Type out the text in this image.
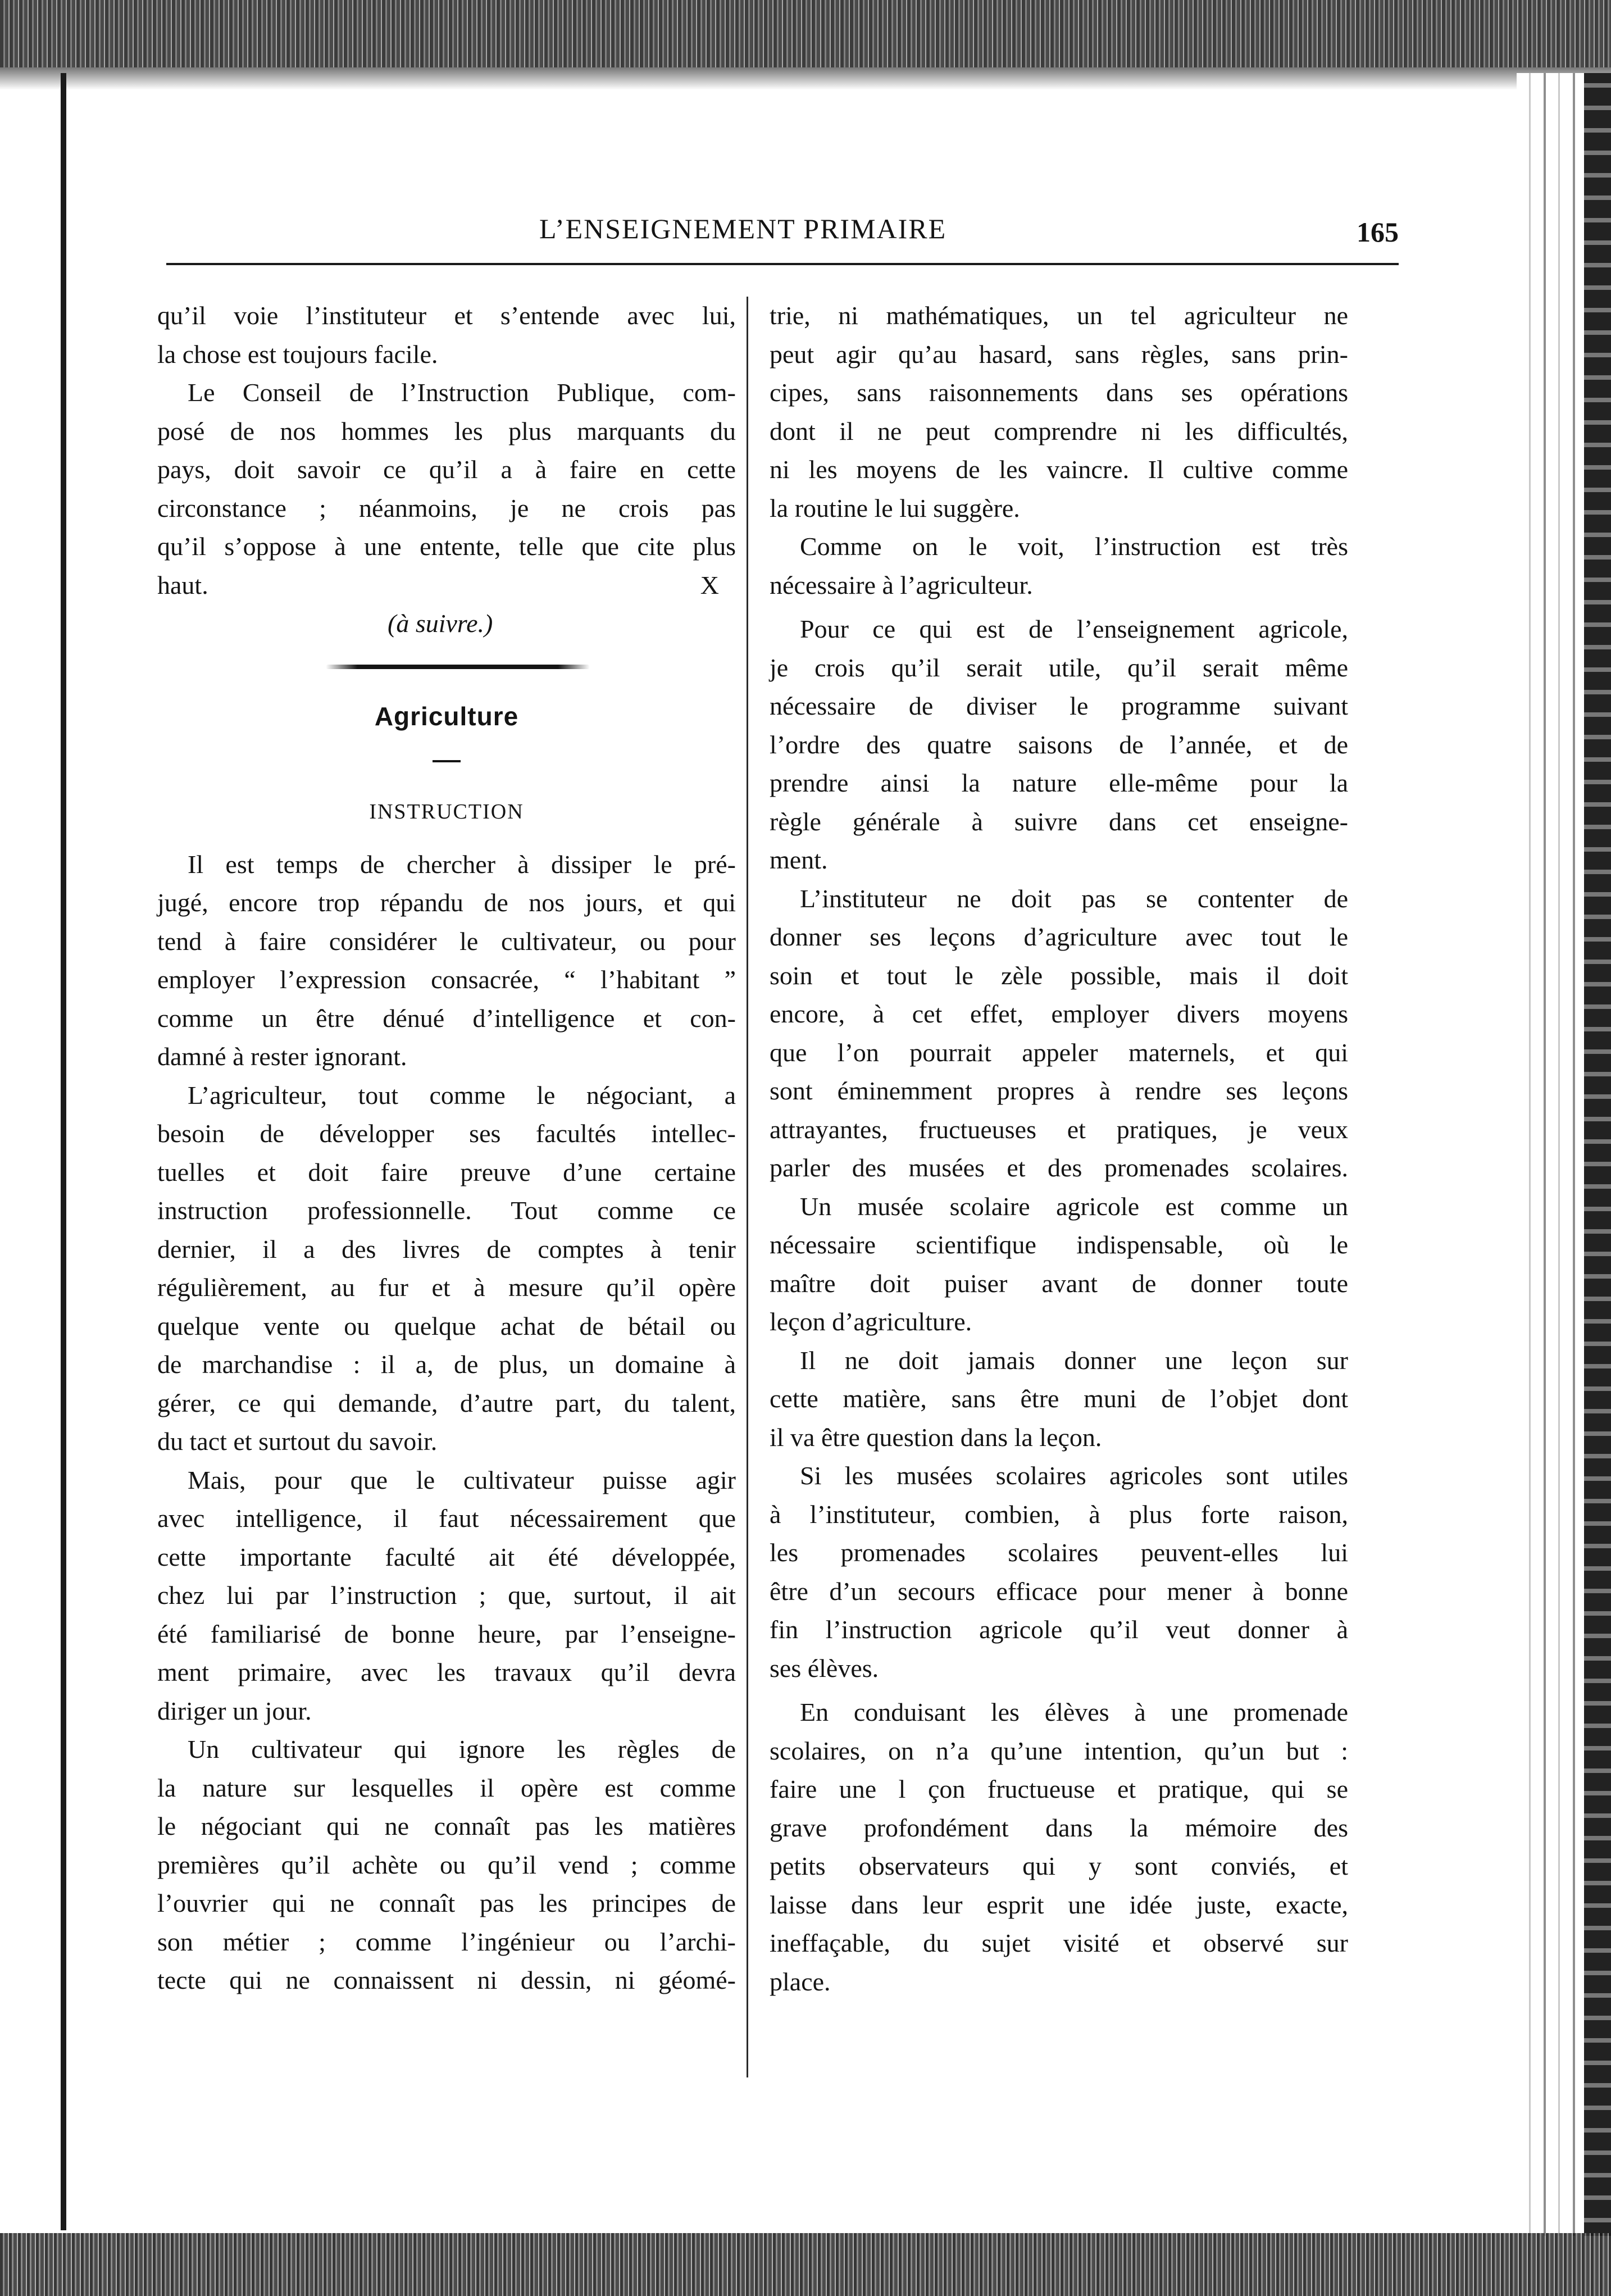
L’ENSEIGNEMENT PRIMAIRE	165
qu’il voie l’instituteur et s’entende avec lui,
la chose est toujours facile.
Le Conseil de l’Instruction Publique, com-
posé de nos hommes les plus marquants du
pays, doit savoir ce qu’il a à faire en cette
circonstance ; néanmoins, je ne crois pas
qu’il s’oppose à une entente, telle que cite plus
haut.	X
(à suivre.)
Agriculture
INSTRUCTION
Il est temps de chercher à dissiper le pré-
jugé, encore trop répandu de nos jours, et qui
tend à faire considérer le cultivateur, ou pour
employer l’expression consacrée, “ l’habitant ”
comme un être dénué d’intelligence et con-
damné à rester ignorant.
L’agriculteur, tout comme le négociant, a
besoin de développer ses facultés intellec-
tuelles et doit faire preuve d’une certaine
instruction professionnelle. Tout comme ce
dernier, il a des livres de comptes à tenir
régulièrement, au fur et à mesure qu’il opère
quelque vente ou quelque achat de bétail ou
de marchandise : il a, de plus, un domaine à
gérer, ce qui demande, d’autre part, du talent,
du tact et surtout du savoir.
Mais, pour que le cultivateur puisse agir
avec intelligence, il faut nécessairement que
cette importante faculté ait été développée,
chez lui par l’instruction ; que, surtout, il ait
été familiarisé de bonne heure, par l’enseigne-
ment primaire, avec les travaux qu’il devra
diriger un jour.
Un cultivateur qui ignore les règles de
la nature sur lesquelles il opère est comme
le négociant qui ne connaît pas les matières
premières qu’il achète ou qu’il vend ; comme
l’ouvrier qui ne connaît pas les principes de
son métier ; comme l’ingénieur ou l’archi-
tecte qui ne connaissent ni dessin, ni géomé-
trie, ni mathématiques, un tel agriculteur ne
peut agir qu’au hasard, sans règles, sans prin-
cipes, sans raisonnements dans ses opérations
dont il ne peut comprendre ni les difficultés,
ni les moyens de les vaincre. Il cultive comme
la routine le lui suggère.
Comme on le voit, l’instruction est très
nécessaire à l’agriculteur.
Pour ce qui est de l’enseignement agricole,
je crois qu’il serait utile, qu’il serait même
nécessaire de diviser le programme suivant
l’ordre des quatre saisons de l’année, et de
prendre ainsi la nature elle-même pour la
règle générale à suivre dans cet enseigne-
ment.
L’instituteur ne doit pas se contenter de
donner ses leçons d’agriculture avec tout le
soin et tout le zèle possible, mais il doit
encore, à cet effet, employer divers moyens
que l’on pourrait appeler maternels, et qui
sont éminemment propres à rendre ses leçons
attrayantes, fructueuses et pratiques, je veux
parler des musées et des promenades scolaires.
Un musée scolaire agricole est comme un
nécessaire scientifique indispensable, où le
maître doit puiser avant de donner toute
leçon d’agriculture.
Il ne doit jamais donner une leçon sur
cette matière, sans être muni de l’objet dont
il va être question dans la leçon.
Si les musées scolaires agricoles sont utiles
à l’instituteur, combien, à plus forte raison,
les promenades scolaires peuvent-elles lui
être d’un secours efficace pour mener à bonne
fin l’instruction agricole qu’il veut donner à
ses élèves.
En conduisant les élèves à une promenade
scolaires, on n’a qu’une intention, qu’un but :
faire une l çon fructueuse et pratique, qui se
grave profondément dans la mémoire des
petits observateurs qui y sont conviés, et
laisse dans leur esprit une idée juste, exacte,
ineffaçable, du sujet visité et observé sur
place.
